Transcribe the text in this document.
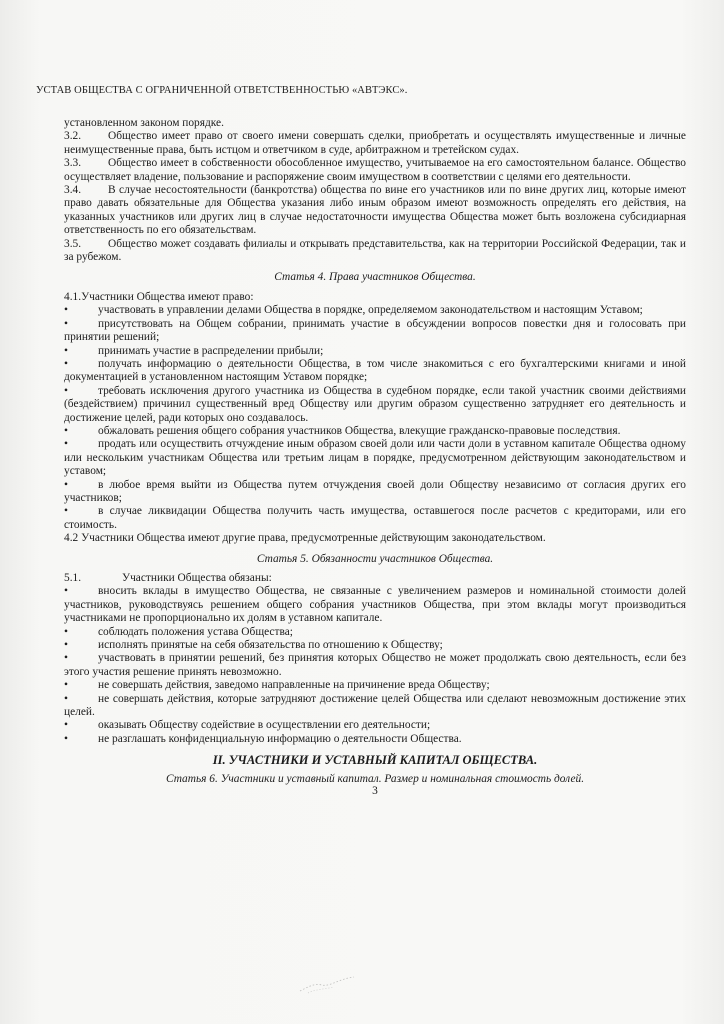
УСТАВ ОБЩЕСТВА С ОГРАНИЧЕННОЙ ОТВЕТСТВЕННОСТЬЮ «АВТЭКС».

установленном законом порядке.

3.2. Общество имеет право от своего имени совершать сделки, приобретать и осуществлять имущественные и личные неимущественные права, быть истцом и ответчиком в суде, арбитражном и третейском судах.

3.3. Общество имеет в собственности обособленное имущество, учитываемое на его самостоятельном балансе. Общество осуществляет владение, пользование и распоряжение своим имуществом в соответствии с целями его деятельности.

3.4. В случае несостоятельности (банкротства) общества по вине его участников или по вине других лиц, которые имеют право давать обязательные для Общества указания либо иным образом имеют возможность определять его действия, на указанных участников или других лиц в случае недостаточности имущества Общества может быть возложена субсидиарная ответственность по его обязательствам.

3.5. Общество может создавать филиалы и открывать представительства, как на территории Российской Федерации, так и за рубежом.

Статья 4. Права участников Общества.

4.1.Участники Общества имеют право:

•	участвовать в управлении делами Общества в порядке, определяемом законодательством и настоящим Уставом;

•	присутствовать на Общем собрании, принимать участие в обсуждении вопросов повестки дня и голосовать при принятии решений;

•	принимать участие в распределении прибыли;

•	получать информацию о деятельности Общества, в том числе знакомиться с его бухгалтерскими книгами и иной документацией в установленном настоящим Уставом порядке;

•	требовать исключения другого участника из Общества в судебном порядке, если такой участник своими действиями (бездействием) причинил существенный вред Обществу или другим образом существенно затрудняет его деятельность и достижение целей, ради которых оно создавалось.

•	обжаловать решения общего собрания участников Общества, влекущие гражданско-правовые последствия.

•	продать или осуществить отчуждение иным образом своей доли или части доли в уставном капитале Общества одному или нескольким участникам Общества или третьим лицам в порядке, предусмотренном действующим законодательством и уставом;

•	в любое время выйти из Общества путем отчуждения своей доли Обществу независимо от согласия других его участников;

•	в случае ликвидации Общества получить часть имущества, оставшегося после расчетов с кредиторами, или его стоимость.

4.2 Участники Общества имеют другие права, предусмотренные действующим законодательством.

Статья 5. Обязанности участников Общества.

5.1.	Участники Общества обязаны:

•	вносить вклады в имущество Общества, не связанные с увеличением размеров и номинальной стоимости долей участников, руководствуясь решением общего собрания участников Общества, при этом вклады могут производиться участниками не пропорционально их долям в уставном капитале.

•	соблюдать положения устава Общества;

•	исполнять принятые на себя обязательства по отношению к Обществу;

•	участвовать в принятии решений, без принятия которых Общество не может продолжать свою деятельность, если без этого участия решение принять невозможно.

•	не совершать действия, заведомо направленные на причинение вреда Обществу;

•	не совершать действия, которые затрудняют достижение целей Общества или сделают невозможным достижение этих целей.

•	оказывать Обществу содействие в осуществлении его деятельности;

•	не разглашать конфиденциальную информацию о деятельности Общества.

II. УЧАСТНИКИ И УСТАВНЫЙ КАПИТАЛ ОБЩЕСТВА.

Статья 6. Участники и уставный капитал. Размер и номинальная стоимость долей.

3
